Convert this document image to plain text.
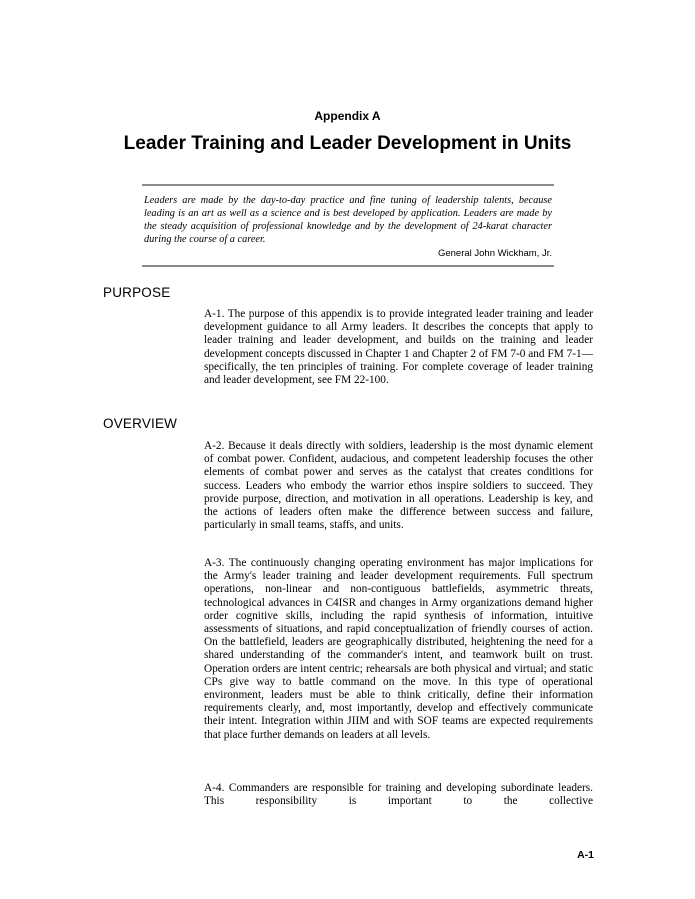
Appendix A
Leader Training and Leader Development in Units

Leaders are made by the day-to-day practice and fine tuning of leadership talents, because leading is an art as well as a science and is best developed by application. Leaders are made by the steady acquisition of professional knowledge and by the development of 24-karat character during the course of a career.

General John Wickham, Jr.
PURPOSE

A-1. The purpose of this appendix is to provide integrated leader training and leader development guidance to all Army leaders. It describes the concepts that apply to leader training and leader development, and builds on the training and leader development concepts discussed in Chapter 1 and Chapter 2 of FM 7-0 and FM 7-1—specifically, the ten principles of training. For complete coverage of leader training and leader development, see FM 22-100.

OVERVIEW

A-2. Because it deals directly with soldiers, leadership is the most dynamic element of combat power. Confident, audacious, and competent leadership focuses the other elements of combat power and serves as the catalyst that creates conditions for success. Leaders who embody the warrior ethos inspire soldiers to succeed. They provide purpose, direction, and motivation in all operations. Leadership is key, and the actions of leaders often make the difference between success and failure, particularly in small teams, staffs, and units.

A-3. The continuously changing operating environment has major implications for the Army's leader training and leader development requirements. Full spectrum operations, non-linear and non-contiguous battlefields, asymmetric threats, technological advances in C4ISR and changes in Army organizations demand higher order cognitive skills, including the rapid synthesis of information, intuitive assessments of situations, and rapid conceptualization of friendly courses of action. On the battlefield, leaders are geographically distributed, heightening the need for a shared understanding of the commander's intent, and teamwork built on trust. Operation orders are intent centric; rehearsals are both physical and virtual; and static CPs give way to battle command on the move. In this type of operational environment, leaders must be able to think critically, define their information requirements clearly, and, most importantly, develop and effectively communicate their intent. Integration within JIIM and with SOF teams are expected requirements that place further demands on leaders at all levels.

A-4. Commanders are responsible for training and developing subordinate leaders. This responsibility is important to the collective

A-1
